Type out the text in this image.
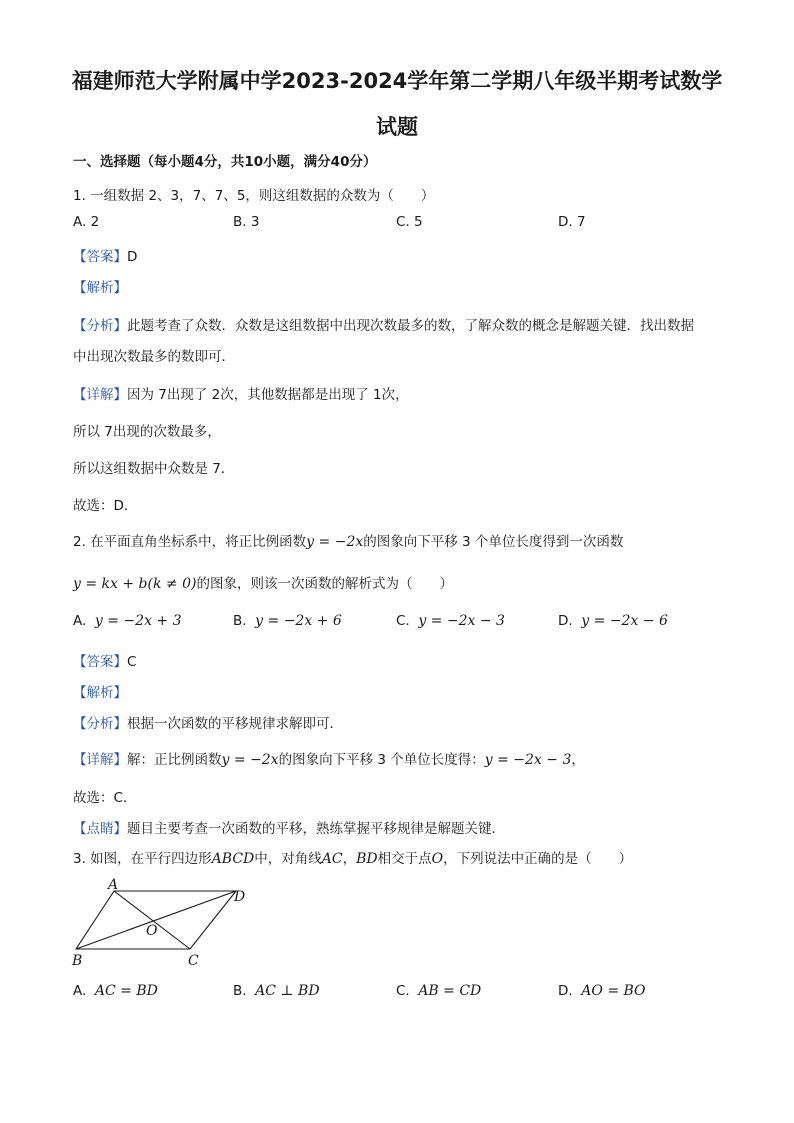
福建师范大学附属中学2023-2024学年第二学期八年级半期考试数学
试题
一、选择题（每小题4分，共10小题，满分40分）
1. 一组数据 2、3，7、7、5，则这组数据的众数为（　　）
A. 2	B. 3	C. 5	D. 7
【答案】D
【解析】
【分析】此题考查了众数．众数是这组数据中出现次数最多的数，了解众数的概念是解题关键．找出数据
中出现次数最多的数即可．
【详解】因为 7出现了 2次，其他数据都是出现了 1次，
所以 7出现的次数最多，
所以这组数据中众数是 7．
故选：D．
2. 在平面直角坐标系中，将正比例函数y = −2x的图象向下平移 3 个单位长度得到一次函数
y = kx + b(k ≠ 0)的图象，则该一次函数的解析式为（　　）
A. y = −2x + 3	B. y = −2x + 6	C. y = −2x − 3	D. y = −2x − 6
【答案】C
【解析】
【分析】根据一次函数的平移规律求解即可．
【详解】解：正比例函数y = −2x的图象向下平移 3 个单位长度得：y = −2x − 3，
故选：C．
【点睛】题目主要考查一次函数的平移，熟练掌握平移规律是解题关键．
3. 如图，在平行四边形ABCD中，对角线AC，BD相交于点O，下列说法中正确的是（　　）
A
D
B	C
O
A. AC = BD	B. AC ⊥ BD	C. AB = CD	D. AO = BO
